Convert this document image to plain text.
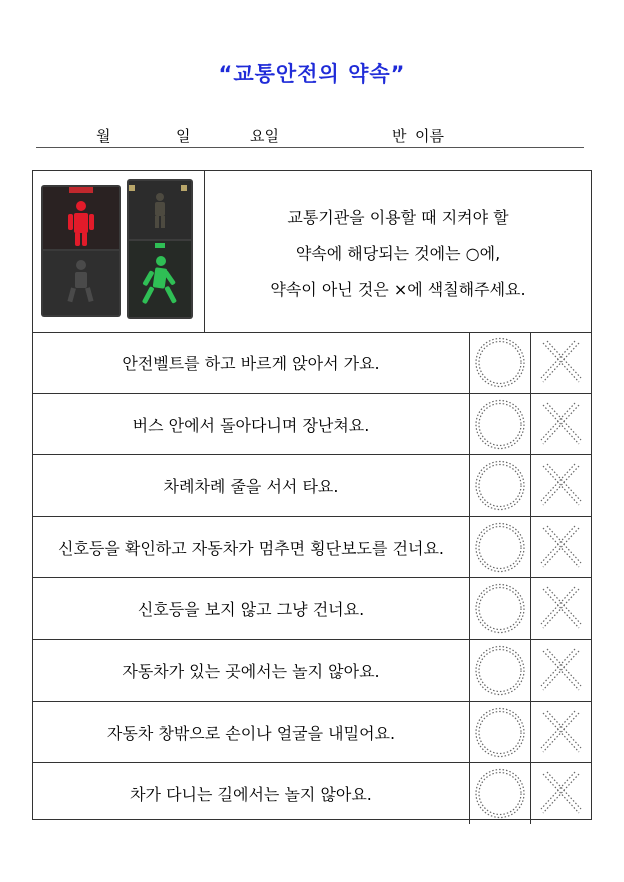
“교통안전의 약속”
월	일	요일	반 이름
교통기관을 이용할 때 지켜야 할
약속에 해당되는 것에는 ○에,
약속이 아닌 것은 ×에 색칠해주세요.
안전벨트를 하고 바르게 앉아서 가요.
버스 안에서 돌아다니며 장난쳐요.
차례차례 줄을 서서 타요.
신호등을 확인하고 자동차가 멈추면 횡단보도를 건너요.
신호등을 보지 않고 그냥 건너요.
자동차가 있는 곳에서는 놀지 않아요.
자동차 창밖으로 손이나 얼굴을 내밀어요.
차가 다니는 길에서는 놀지 않아요.
